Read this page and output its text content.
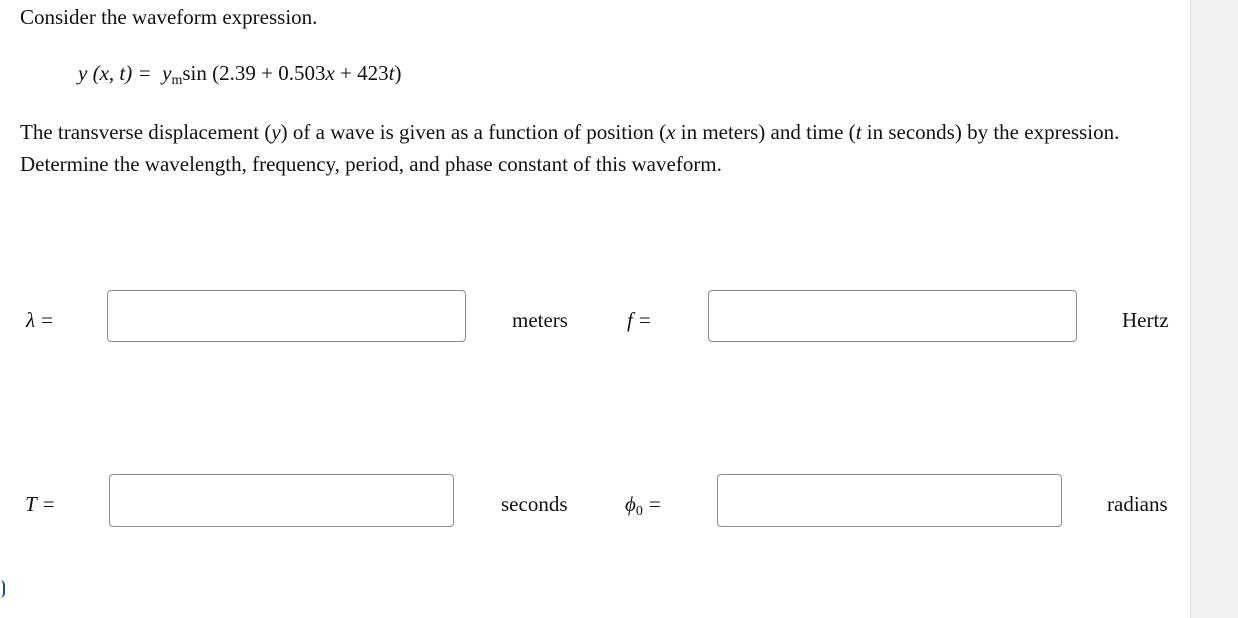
Consider the waveform expression.
y (x, $t) = y_m\sin$ (2.39 + 0.503x + 423t)
The transverse displacement (y) of a wave is given as a function of position (x in meters) and time (t in seconds) by the expression. Determine the wavelength, frequency, period, and phase constant of this waveform.
λ =	meters	f =	Hertz
T =	seconds	$\phi_0$ =	radians
